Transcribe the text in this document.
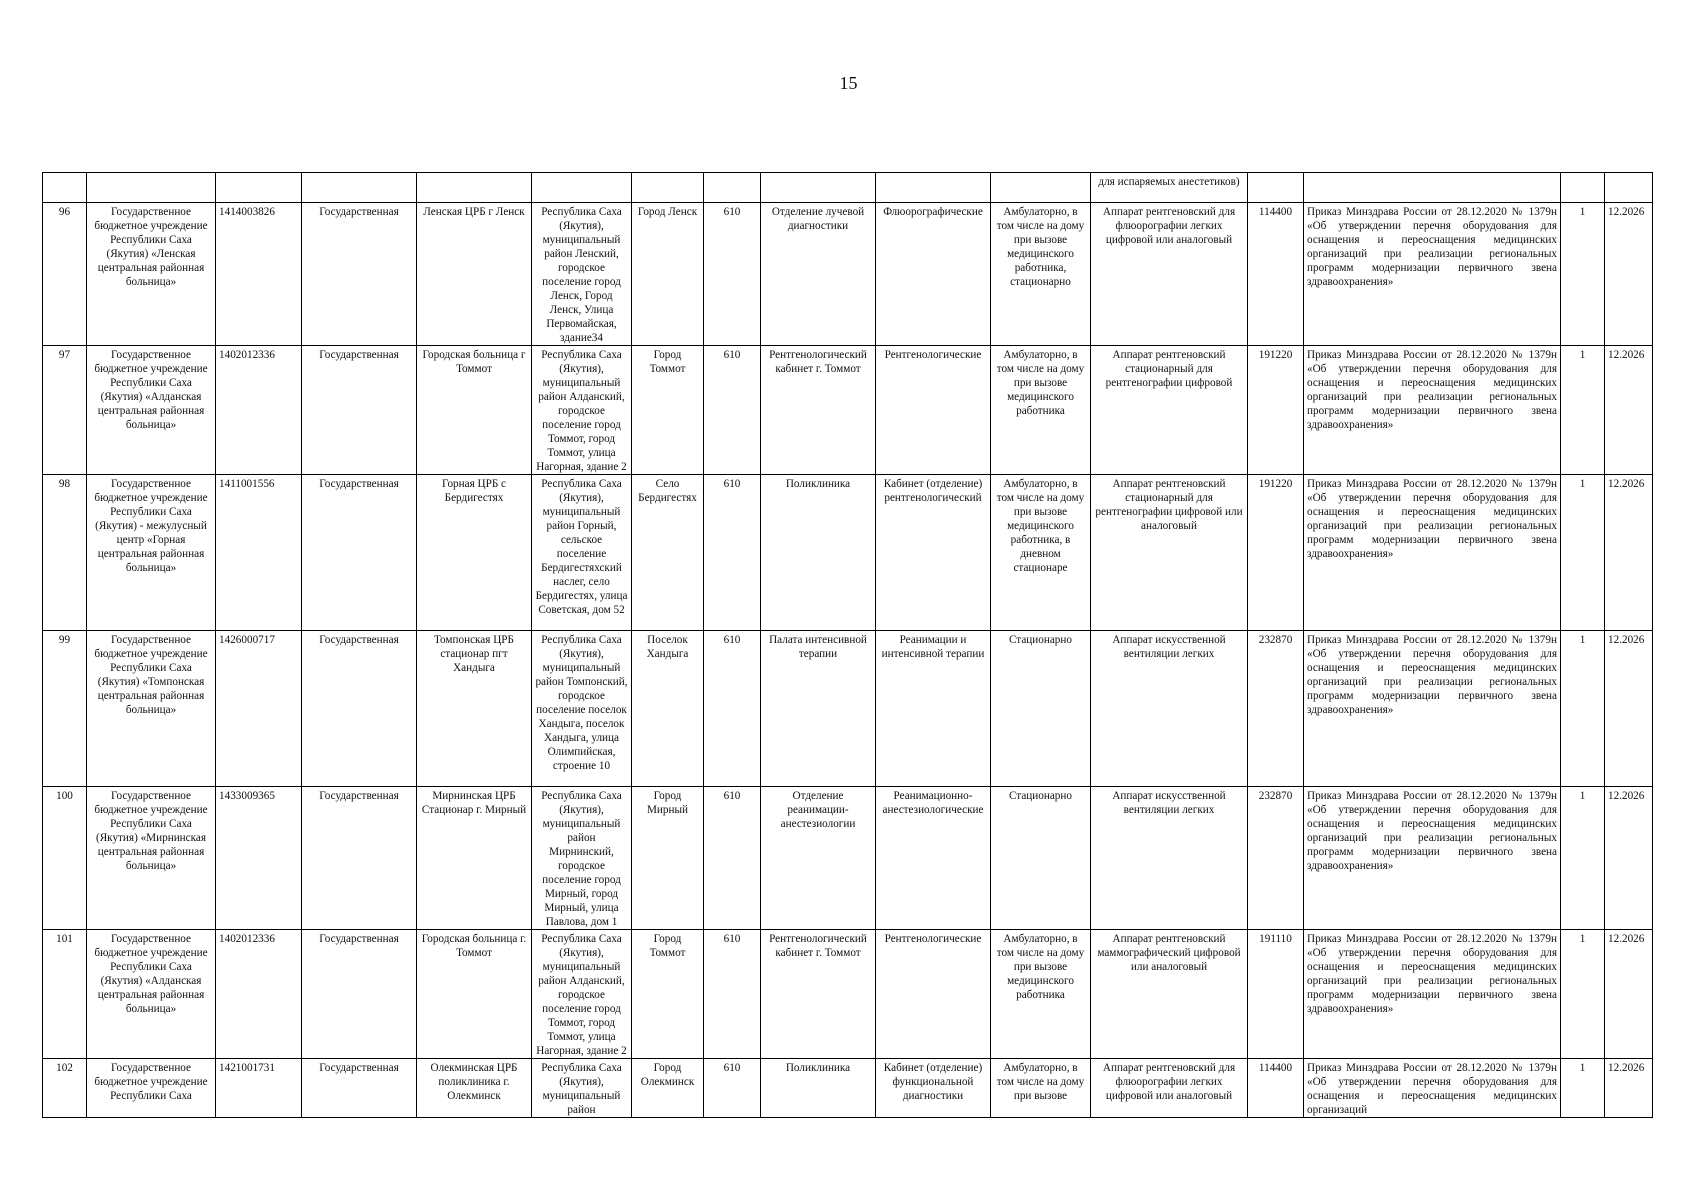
15
											для испаряемых анестетиков)				
96	Государственное бюджетное учреждение Республики Саха (Якутия) «Ленская центральная районная больница»	1414003826	Государственная	Ленская ЦРБ г Ленск	Республика Саха (Якутия), муниципальный район Ленский, городское поселение город Ленск, Город Ленск, Улица Первомайская, здание34	Город Ленск	610	Отделение лучевой диагностики	Флюорографические	Амбулаторно, в том числе на дому при вызове медицинского работника, стационарно	Аппарат рентгеновский для флюорографии легких цифровой или аналоговый	114400	Приказ Минздрава России от 28.12.2020 № 1379н «Об утверждении перечня оборудования для оснащения и переоснащения медицинских организаций при реализации региональных программ модернизации первичного звена здравоохранения»	1	12.2026
97	Государственное бюджетное учреждение Республики Саха (Якутия) «Алданская центральная районная больница»	1402012336	Государственная	Городская больница г Томмот	Республика Саха (Якутия), муниципальный район Алданский, городское поселение город Томмот, город Томмот, улица Нагорная, здание 2	Город Томмот	610	Рентгенологический кабинет г. Томмот	Рентгенологические	Амбулаторно, в том числе на дому при вызове медицинского работника	Аппарат рентгеновский стационарный для рентгенографии цифровой	191220	Приказ Минздрава России от 28.12.2020 № 1379н «Об утверждении перечня оборудования для оснащения и переоснащения медицинских организаций при реализации региональных программ модернизации первичного звена здравоохранения»	1	12.2026
98	Государственное бюджетное учреждение Республики Саха (Якутия) - межулусный центр «Горная центральная районная больница»	1411001556	Государственная	Горная ЦРБ с Бердигестях	Республика Саха (Якутия), муниципальный район Горный, сельское поселение Бердигестяхский наслег, село Бердигестях, улица Советская, дом 52	Село Бердигестях	610	Поликлиника	Кабинет (отделение) рентгенологический	Амбулаторно, в том числе на дому при вызове медицинского работника, в дневном стационаре	Аппарат рентгеновский стационарный для рентгенографии цифровой или аналоговый	191220	Приказ Минздрава России от 28.12.2020 № 1379н «Об утверждении перечня оборудования для оснащения и переоснащения медицинских организаций при реализации региональных программ модернизации первичного звена здравоохранения»	1	12.2026
99	Государственное бюджетное учреждение Республики Саха (Якутия) «Томпонская центральная районная больница»	1426000717	Государственная	Томпонская ЦРБ стационар пгт Хандыга	Республика Саха (Якутия), муниципальный район Томпонский, городское поселение поселок Хандыга, поселок Хандыга, улица Олимпийская, строение 10	Поселок Хандыга	610	Палата интенсивной терапии	Реанимации и интенсивной терапии	Стационарно	Аппарат искусственной вентиляции легких	232870	Приказ Минздрава России от 28.12.2020 № 1379н «Об утверждении перечня оборудования для оснащения и переоснащения медицинских организаций при реализации региональных программ модернизации первичного звена здравоохранения»	1	12.2026
100	Государственное бюджетное учреждение Республики Саха (Якутия) «Мирнинская центральная районная больница»	1433009365	Государственная	Мирнинская ЦРБ Стационар г. Мирный	Республика Саха (Якутия), муниципальный район Мирнинский, городское поселение город Мирный, город Мирный, улица Павлова, дом 1	Город Мирный	610	Отделение реанимации-анестезиологии	Реанимационно-анестезиологические	Стационарно	Аппарат искусственной вентиляции легких	232870	Приказ Минздрава России от 28.12.2020 № 1379н «Об утверждении перечня оборудования для оснащения и переоснащения медицинских организаций при реализации региональных программ модернизации первичного звена здравоохранения»	1	12.2026
101	Государственное бюджетное учреждение Республики Саха (Якутия) «Алданская центральная районная больница»	1402012336	Государственная	Городская больница г. Томмот	Республика Саха (Якутия), муниципальный район Алданский, городское поселение город Томмот, город Томмот, улица Нагорная, здание 2	Город Томмот	610	Рентгенологический кабинет г. Томмот	Рентгенологические	Амбулаторно, в том числе на дому при вызове медицинского работника	Аппарат рентгеновский маммографический цифровой или аналоговый	191110	Приказ Минздрава России от 28.12.2020 № 1379н «Об утверждении перечня оборудования для оснащения и переоснащения медицинских организаций при реализации региональных программ модернизации первичного звена здравоохранения»	1	12.2026
102	Государственное бюджетное учреждение Республики Саха	1421001731	Государственная	Олекминская ЦРБ поликлиника г. Олекминск	Республика Саха (Якутия), муниципальный район	Город Олекминск	610	Поликлиника	Кабинет (отделение) функциональной диагностики	Амбулаторно, в том числе на дому при вызове	Аппарат рентгеновский для флюорографии легких цифровой или аналоговый	114400	Приказ Минздрава России от 28.12.2020 № 1379н «Об утверждении перечня оборудования для оснащения и переоснащения медицинских организаций	1	12.2026
